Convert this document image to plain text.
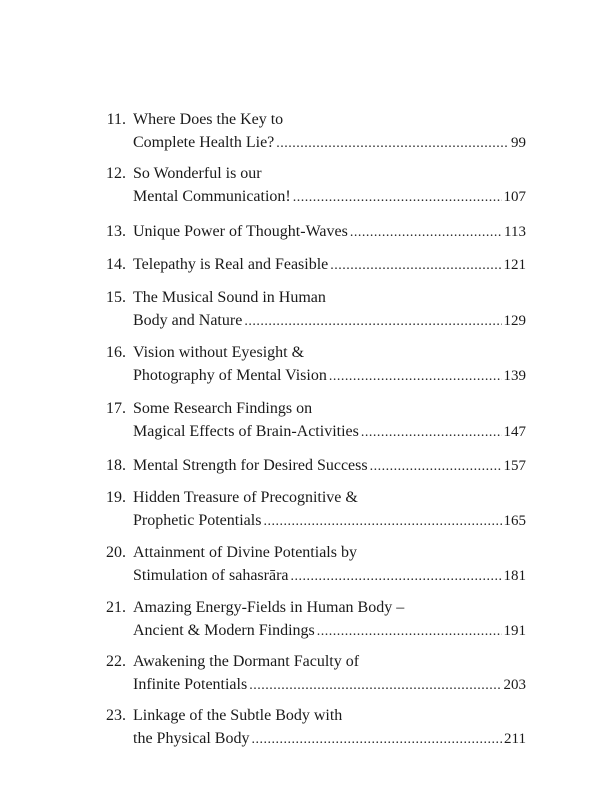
11. Where Does the Key to
Complete Health Lie? .....	99
12. So Wonderful is our
Mental Communication! .....	107
13. Unique Power of Thought-Waves .....	113
14. Telepathy is Real and Feasible .....	121
15. The Musical Sound in Human
Body and Nature .....	129
16. Vision without Eyesight &
Photography of Mental Vision .....	139
17. Some Research Findings on
Magical Effects of Brain-Activities .....	147
18. Mental Strength for Desired Success .....	157
19. Hidden Treasure of Precognitive &
Prophetic Potentials .....	165
20. Attainment of Divine Potentials by
Stimulation of sahasrāra .....	181
21. Amazing Energy-Fields in Human Body –
Ancient & Modern Findings .....	191
22. Awakening the Dormant Faculty of
Infinite Potentials .....	203
23. Linkage of the Subtle Body with
the Physical Body .....	211
